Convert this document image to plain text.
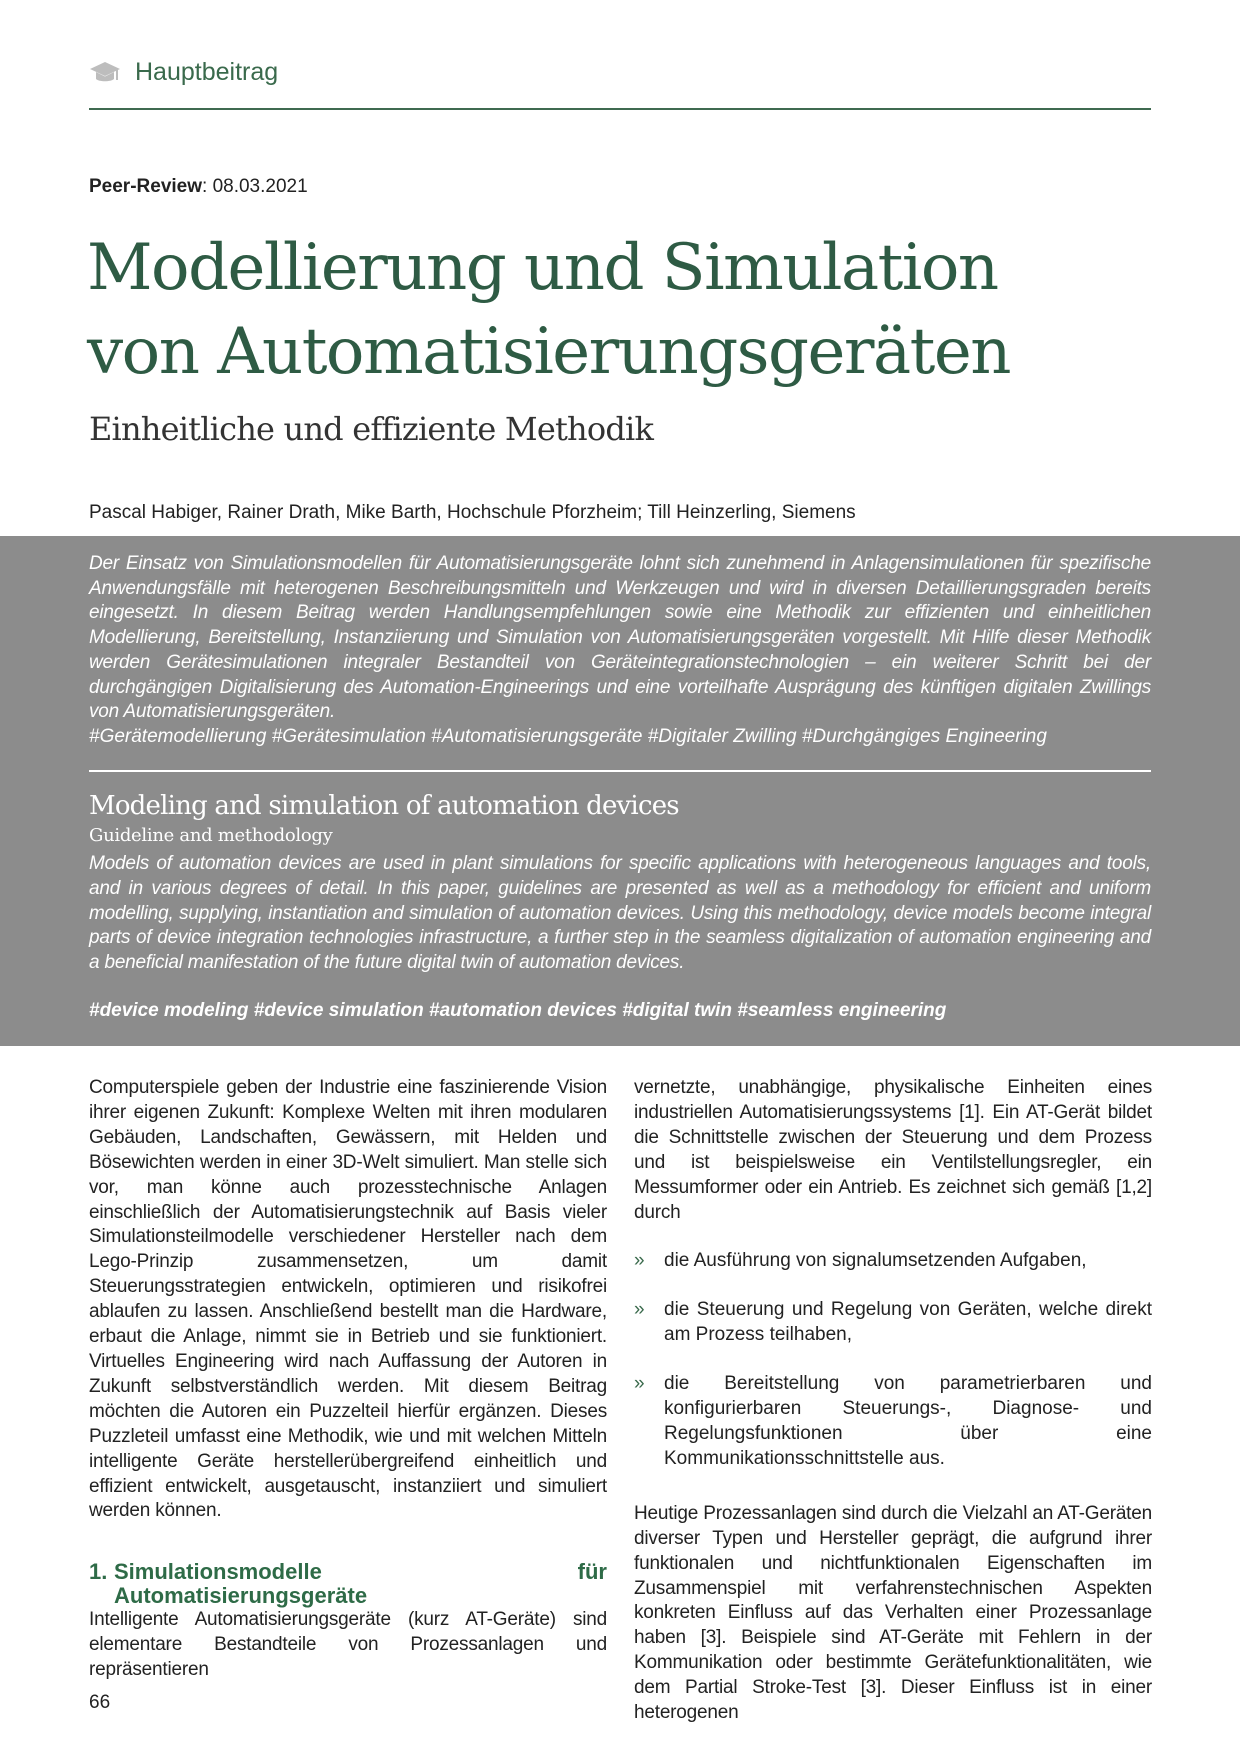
Hauptbeitrag
Peer-Review: 08.03.2021
Modellierung und Simulation
von Automatisierungsgeräten
Einheitliche und effiziente Methodik
Pascal Habiger, Rainer Drath, Mike Barth, Hochschule Pforzheim; Till Heinzerling, Siemens

Der Einsatz von Simulationsmodellen für Automatisierungsgeräte lohnt sich zunehmend in Anlagensimulationen für spezifische Anwendungsfälle mit heterogenen Beschreibungsmitteln und Werkzeugen und wird in diversen Detaillierungsgraden bereits eingesetzt. In diesem Beitrag werden Handlungsempfehlungen sowie eine Methodik zur effizienten und einheitlichen Modellierung, Bereitstellung, Instanziierung und Simulation von Automatisierungsgeräten vorgestellt. Mit Hilfe dieser Methodik werden Gerätesimulationen integraler Bestandteil von Geräteintegrationstechnologien – ein weiterer Schritt bei der durchgängigen Digitalisierung des Automation-Engineerings und eine vorteilhafte Ausprägung des künftigen digitalen Zwillings von Automatisierungsgeräten.

#Gerätemodellierung #Gerätesimulation #Automatisierungsgeräte #Digitaler Zwilling #Durchgängiges Engineering
Modeling and simulation of automation devices
Guideline and methodology

Models of automation devices are used in plant simulations for specific applications with heterogeneous languages and tools, and in various degrees of detail. In this paper, guidelines are presented as well as a methodology for efficient and uniform modelling, supplying, instantiation and simulation of automation devices. Using this methodology, device models become integral parts of device integration technologies infrastructure, a further step in the seamless digitalization of automation engineering and a beneficial manifestation of the future digital twin of automation devices.

#device modeling #device simulation #automation devices #digital twin #seamless engineering

Computerspiele geben der Industrie eine faszinierende Vision ihrer eigenen Zukunft: Komplexe Welten mit ihren modularen Gebäuden, Landschaften, Gewässern, mit Helden und Bösewichten werden in einer 3D-Welt simuliert. Man stelle sich vor, man könne auch prozesstechnische Anlagen einschließlich der Automatisierungstechnik auf Basis vieler Simulationsteilmodelle verschiedener Hersteller nach dem Lego-Prinzip zusammensetzen, um damit Steuerungsstrategien entwickeln, optimieren und risikofrei ablaufen zu lassen. Anschließend bestellt man die Hardware, erbaut die Anlage, nimmt sie in Betrieb und sie funktioniert. Virtuelles Engineering wird nach Auffassung der Autoren in Zukunft selbstverständlich werden. Mit diesem Beitrag möchten die Autoren ein Puzzelteil hierfür ergänzen. Dieses Puzzleteil umfasst eine Methodik, wie und mit welchen Mitteln intelligente Geräte herstellerübergreifend einheitlich und effizient entwickelt, ausgetauscht, instanziiert und simuliert werden können.

1. Simulationsmodelle für Automatisierungsgeräte

Intelligente Automatisierungsgeräte (kurz AT-Geräte) sind elementare Bestandteile von Prozessanlagen und repräsentieren

vernetzte, unabhängige, physikalische Einheiten eines industriellen Automatisierungssystems [1]. Ein AT-Gerät bildet die Schnittstelle zwischen der Steuerung und dem Prozess und ist beispielsweise ein Ventilstellungsregler, ein Messumformer oder ein Antrieb. Es zeichnet sich gemäß [1,2] durch

»	die Ausführung von signalumsetzenden Aufgaben,
»	die Steuerung und Regelung von Geräten, welche direkt am Prozess teilhaben,
»	die Bereitstellung von parametrierbaren und konfigurierbaren Steuerungs-, Diagnose- und Regelungsfunktionen über eine Kommunikationsschnittstelle aus.

Heutige Prozessanlagen sind durch die Vielzahl an AT-Geräten diverser Typen und Hersteller geprägt, die aufgrund ihrer funktionalen und nichtfunktionalen Eigenschaften im Zusammenspiel mit verfahrenstechnischen Aspekten konkreten Einfluss auf das Verhalten einer Prozessanlage haben [3]. Beispiele sind AT-Geräte mit Fehlern in der Kommunikation oder bestimmte Gerätefunktionalitäten, wie dem Partial Stroke-Test [3]. Dieser Einfluss ist in einer heterogenen

66
